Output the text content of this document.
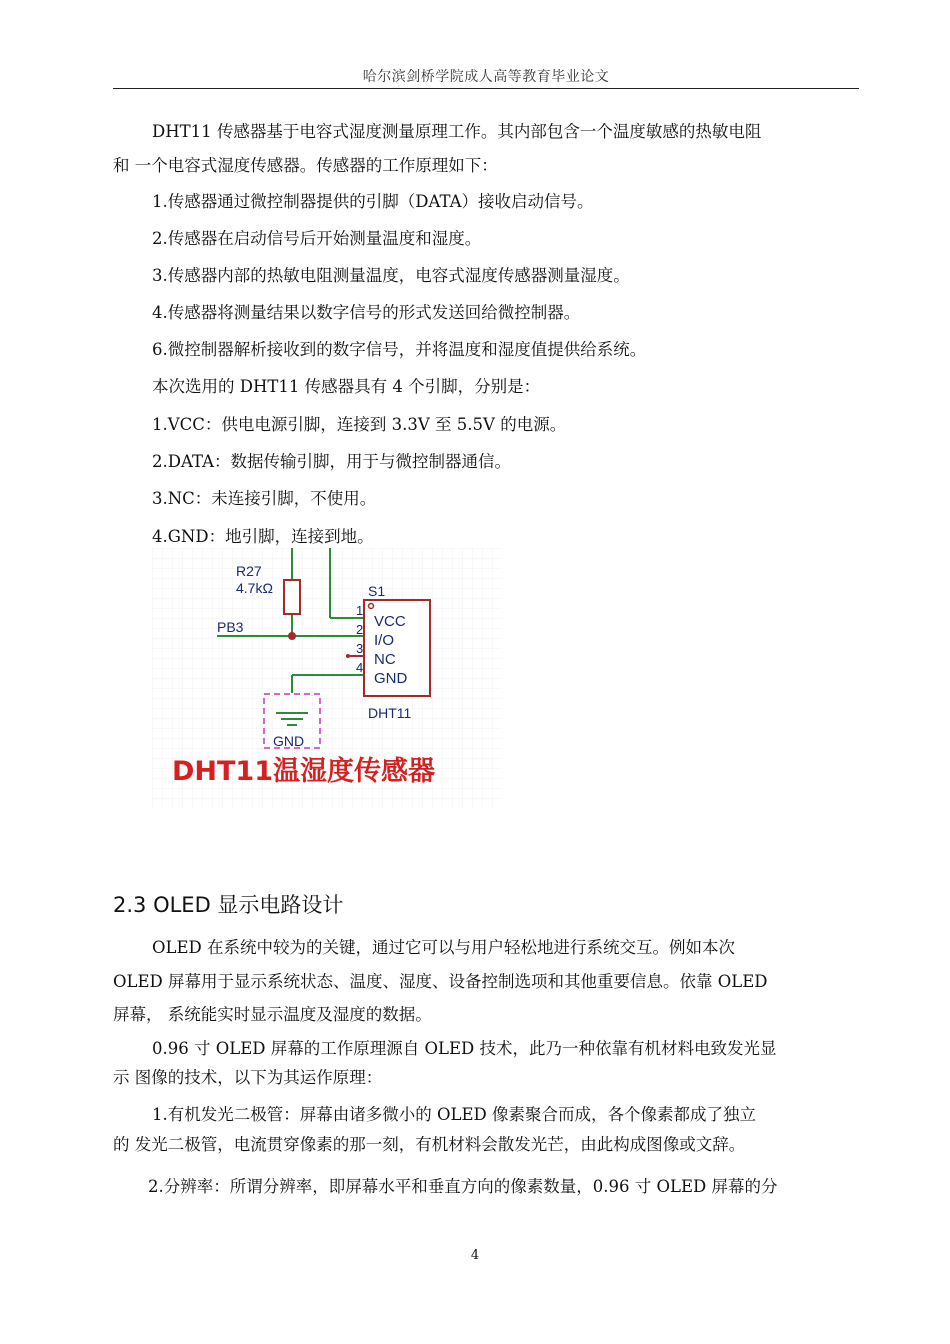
哈尔滨剑桥学院成人高等教育毕业论文
DHT11 传感器基于电容式湿度测量原理工作。其内部包含一个温度敏感的热敏电阻
和 一个电容式湿度传感器。传感器的工作原理如下：
1.传感器通过微控制器提供的引脚（DATA）接收启动信号。
2.传感器在启动信号后开始测量温度和湿度。
3.传感器内部的热敏电阻测量温度，电容式湿度传感器测量湿度。
4.传感器将测量结果以数字信号的形式发送回给微控制器。
6.微控制器解析接收到的数字信号，并将温度和湿度值提供给系统。
本次选用的 DHT11 传感器具有 4 个引脚，分别是：
1.VCC：供电电源引脚，连接到 3.3V 至 5.5V 的电源。
2.DATA：数据传输引脚，用于与微控制器通信。
3.NC：未连接引脚，不使用。
4.GND：地引脚，连接到地。
R27
4.7kΩ
PB3
S1
1
2
3
4
VCC
I/O
NC
GND
DHT11
GND
DHT11温湿度传感器
2.3 OLED 显示电路设计
OLED 在系统中较为的关键，通过它可以与用户轻松地进行系统交互。例如本次
OLED 屏幕用于显示系统状态、温度、湿度、设备控制选项和其他重要信息。依靠 OLED
屏幕， 系统能实时显示温度及湿度的数据。
0.96 寸 OLED 屏幕的工作原理源自 OLED 技术，此乃一种依靠有机材料电致发光显
示 图像的技术，以下为其运作原理：
1.有机发光二极管：屏幕由诸多微小的 OLED 像素聚合而成，各个像素都成了独立
的 发光二极管，电流贯穿像素的那一刻，有机材料会散发光芒，由此构成图像或文辞。
2.分辨率：所谓分辨率，即屏幕水平和垂直方向的像素数量，0.96 寸 OLED 屏幕的分
4
